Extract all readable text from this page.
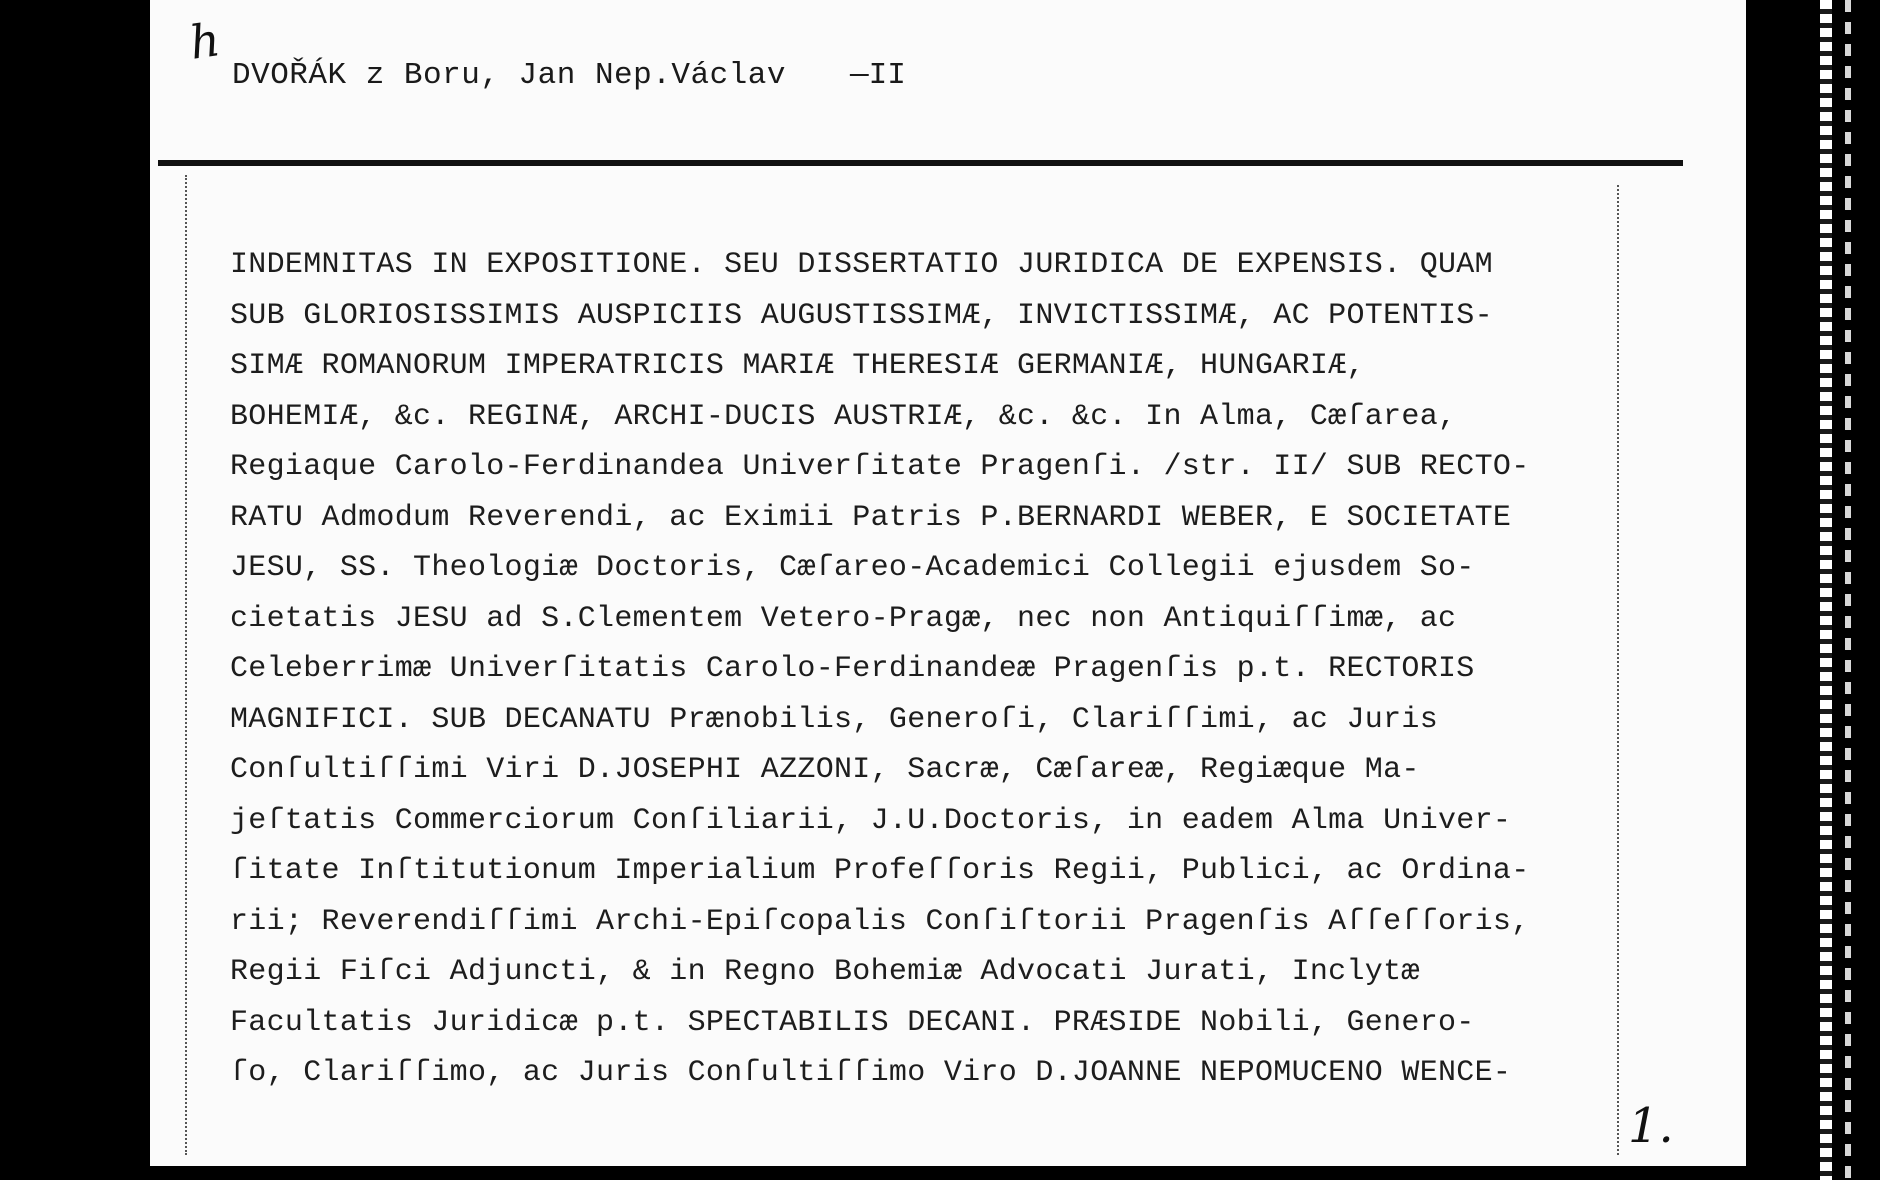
h
DVOŘÁK z Boru, Jan Nep.Václav —II
INDEMNITAS IN EXPOSITIONE. SEU DISSERTATIO JURIDICA DE EXPENSIS. QUAM
SUB GLORIOSISSIMIS AUSPICIIS AUGUSTISSIMÆ, INVICTISSIMÆ, AC POTENTIS-
SIMÆ ROMANORUM IMPERATRICIS MARIÆ THERESIÆ GERMANIÆ, HUNGARIÆ,
BOHEMIÆ, &c. REGINÆ, ARCHI-DUCIS AUSTRIÆ, &c. &c. In Alma, Cæſarea,
Regiaque Carolo-Ferdinandea Univerſitate Pragenſi. /str. II/ SUB RECTO-
RATU Admodum Reverendi, ac Eximii Patris P.BERNARDI WEBER, E SOCIETATE
JESU, SS. Theologiæ Doctoris, Cæſareo-Academici Collegii ejusdem So-
cietatis JESU ad S.Clementem Vetero-Pragæ, nec non Antiquiſſimæ, ac
Celeberrimæ Univerſitatis Carolo-Ferdinandeæ Pragenſis p.t. RECTORIS
MAGNIFICI. SUB DECANATU Prænobilis, Generoſi, Clariſſimi, ac Juris
Conſultiſſimi Viri D.JOSEPHI AZZONI, Sacræ, Cæſareæ, Regiæque Ma-
jeſtatis Commerciorum Conſiliarii, J.U.Doctoris, in eadem Alma Univer-
ſitate Inſtitutionum Imperialium Profeſſoris Regii, Publici, ac Ordina-
rii; Reverendiſſimi Archi-Epiſcopalis Conſiſtorii Pragenſis Aſſeſſoris,
Regii Fiſci Adjuncti, & in Regno Bohemiæ Advocati Jurati, Inclytæ
Facultatis Juridicæ p.t. SPECTABILIS DECANI. PRÆSIDE Nobili, Genero-
ſo, Clariſſimo, ac Juris Conſultiſſimo Viro D.JOANNE NEPOMUCENO WENCE-
1.
